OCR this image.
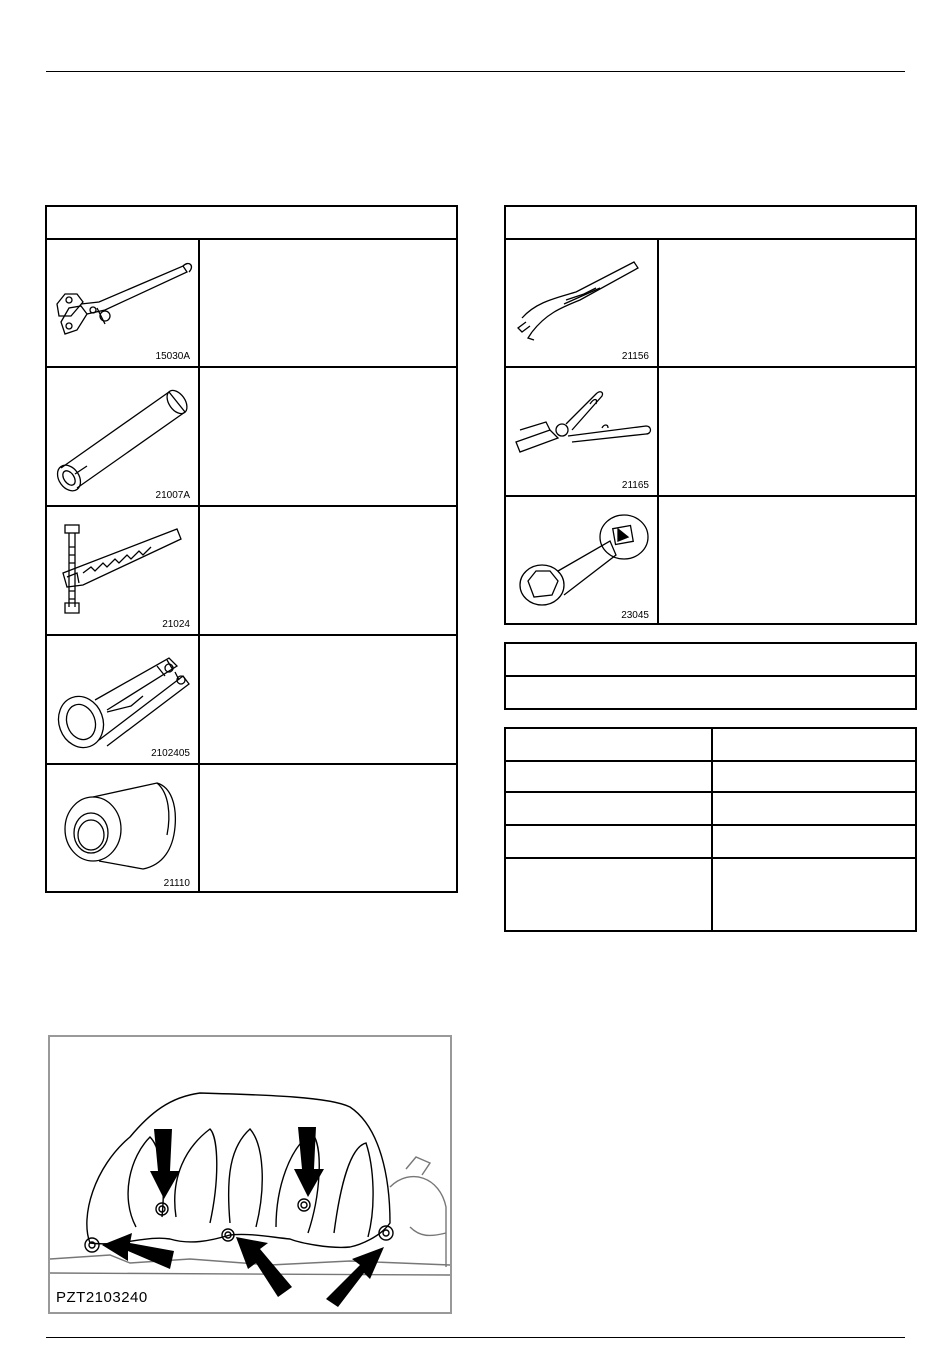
15030A
21007A
21024
2102405
21110
21156
21165
23045
PZT2103240
